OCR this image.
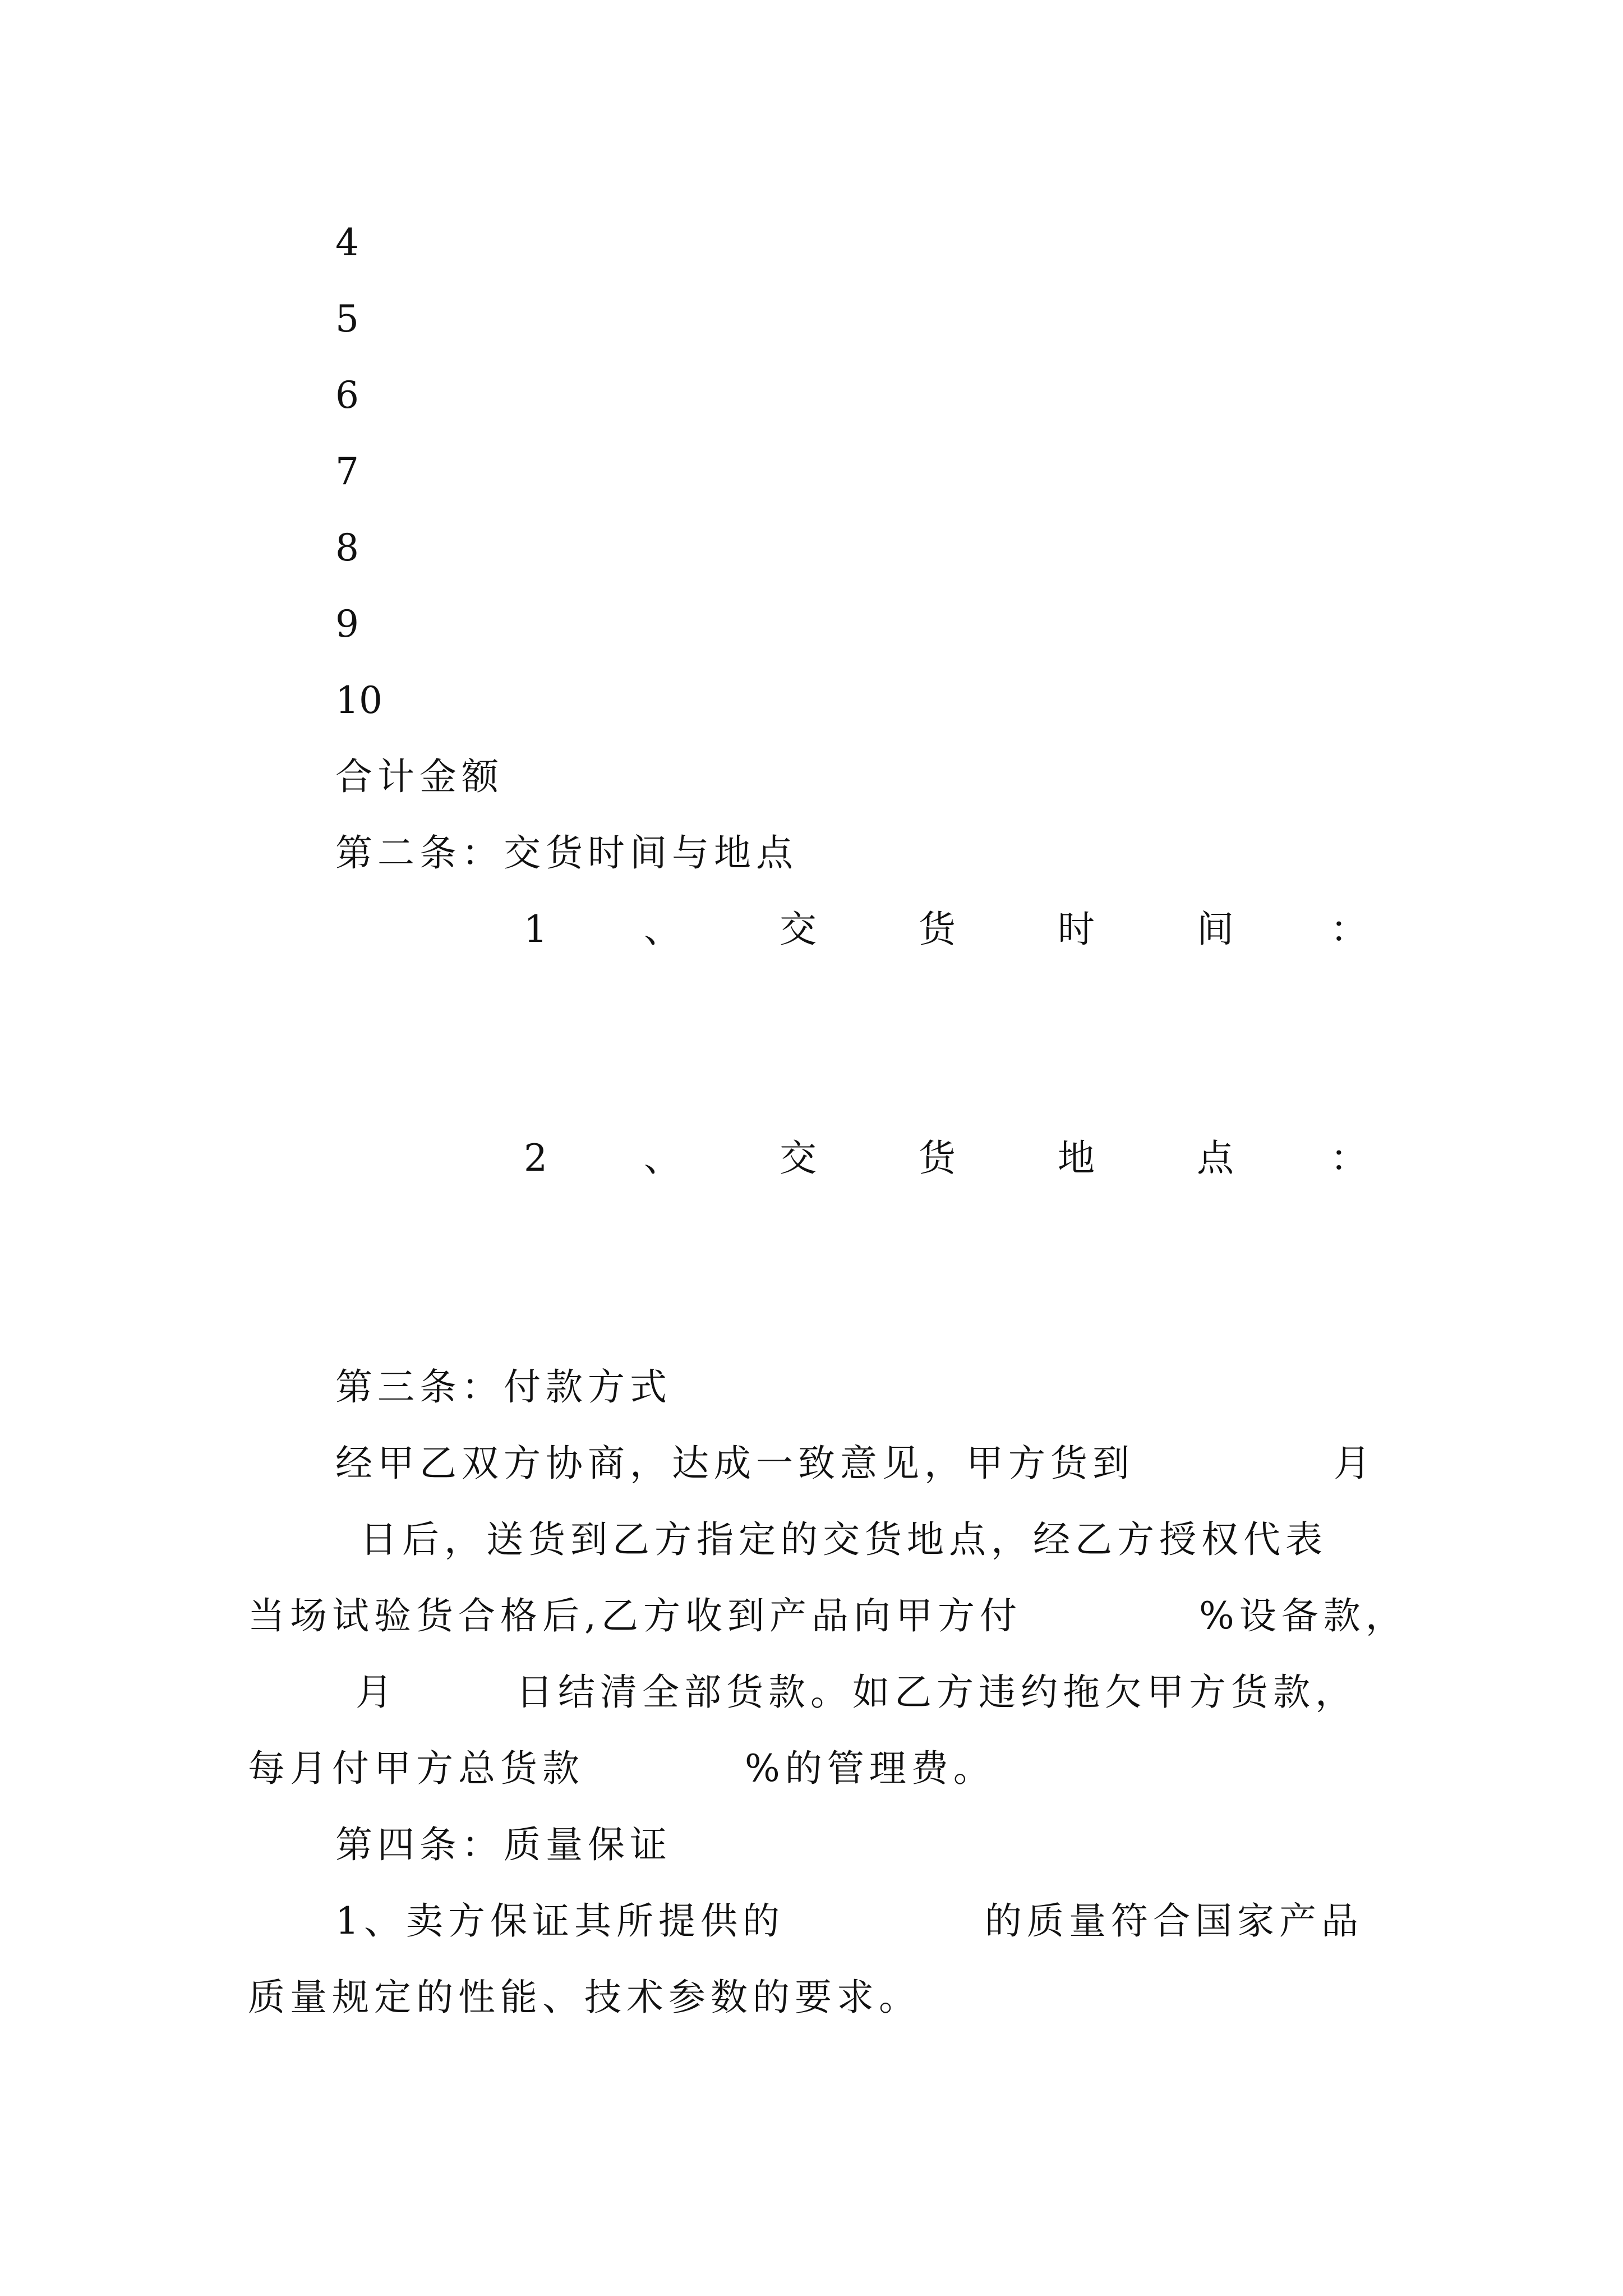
4
5
6
7
8
9
10
合计金额
第二条：交货时间与地点
1	、	交	货	时	间	：
2	、	交	货	地	点	：
第三条：付款方式
经甲乙双方协商，达成一致意见，甲方货到	月
日后，送货到乙方指定的交货地点，经乙方授权代表
当场试验货合格后,乙方收到产品向甲方付	%设备款，
月	日结清全部货款。如乙方违约拖欠甲方货款，
每月付甲方总货款	%的管理费。
第四条：质量保证
1、卖方保证其所提供的	的质量符合国家产品
质量规定的性能、技术参数的要求。
